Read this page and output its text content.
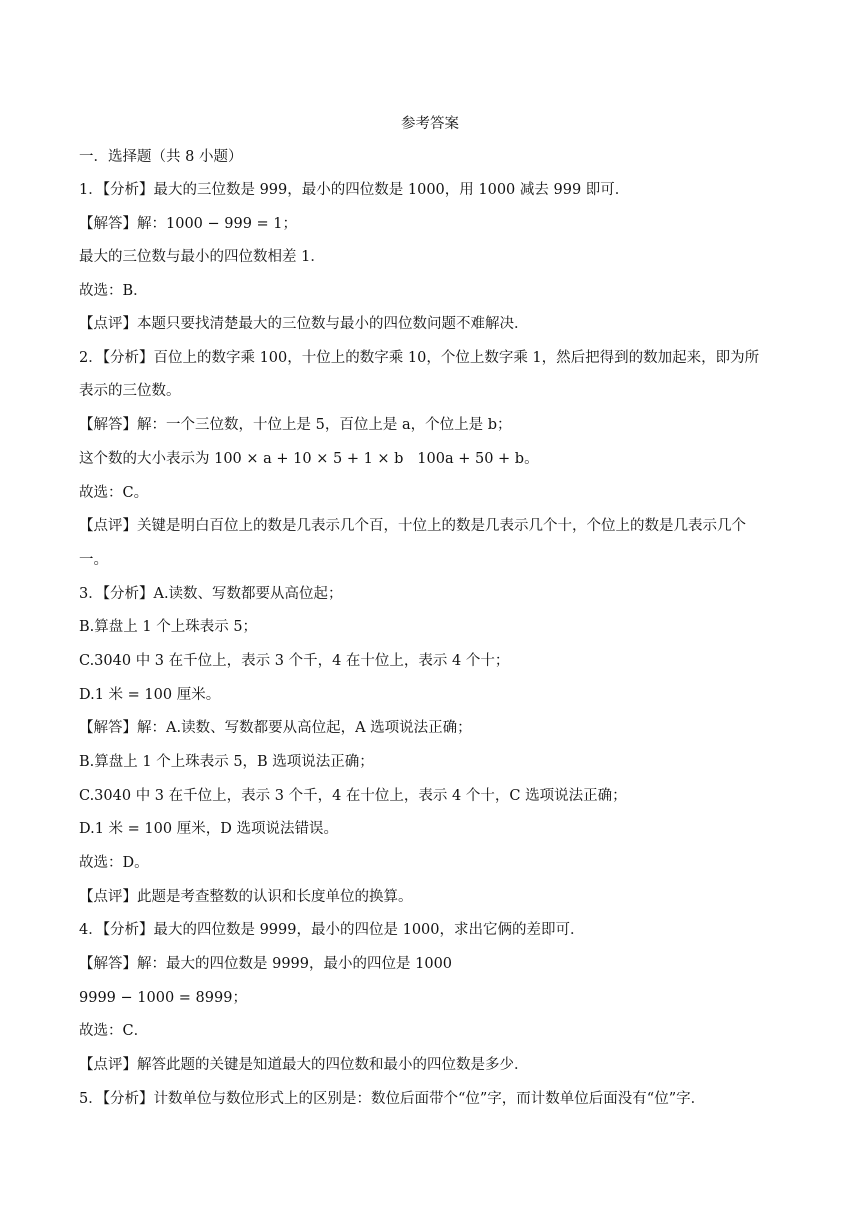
参考答案
一．选择题（共 8 小题）
1．【分析】最大的三位数是 999，最小的四位数是 1000，用 1000 减去 999 即可．
【解答】解：1000 − 999 = 1；
最大的三位数与最小的四位数相差 1．
故选：B．
【点评】本题只要找清楚最大的三位数与最小的四位数问题不难解决．
2．【分析】百位上的数字乘 100，十位上的数字乘 10，个位上数字乘 1，然后把得到的数加起来，即为所
表示的三位数。
【解答】解：一个三位数，十位上是 5，百位上是 a，个位上是 b；
这个数的大小表示为 100 × a + 10 × 5 + 1 × b   100a + 50 + b。
故选：C。
【点评】关键是明白百位上的数是几表示几个百，十位上的数是几表示几个十，个位上的数是几表示几个
一。
3．【分析】A.读数、写数都要从高位起；
B.算盘上 1 个上珠表示 5；
C.3040 中 3 在千位上，表示 3 个千，4 在十位上，表示 4 个十；
D.1 米 = 100 厘米。
【解答】解：A.读数、写数都要从高位起，A 选项说法正确；
B.算盘上 1 个上珠表示 5，B 选项说法正确；
C.3040 中 3 在千位上，表示 3 个千，4 在十位上，表示 4 个十，C 选项说法正确；
D.1 米 = 100 厘米，D 选项说法错误。
故选：D。
【点评】此题是考查整数的认识和长度单位的换算。
4．【分析】最大的四位数是 9999，最小的四位是 1000，求出它俩的差即可．
【解答】解：最大的四位数是 9999，最小的四位是 1000
9999 − 1000 = 8999；
故选：C．
【点评】解答此题的关键是知道最大的四位数和最小的四位数是多少．
5．【分析】计数单位与数位形式上的区别是：数位后面带个“位”字，而计数单位后面没有“位”字．
